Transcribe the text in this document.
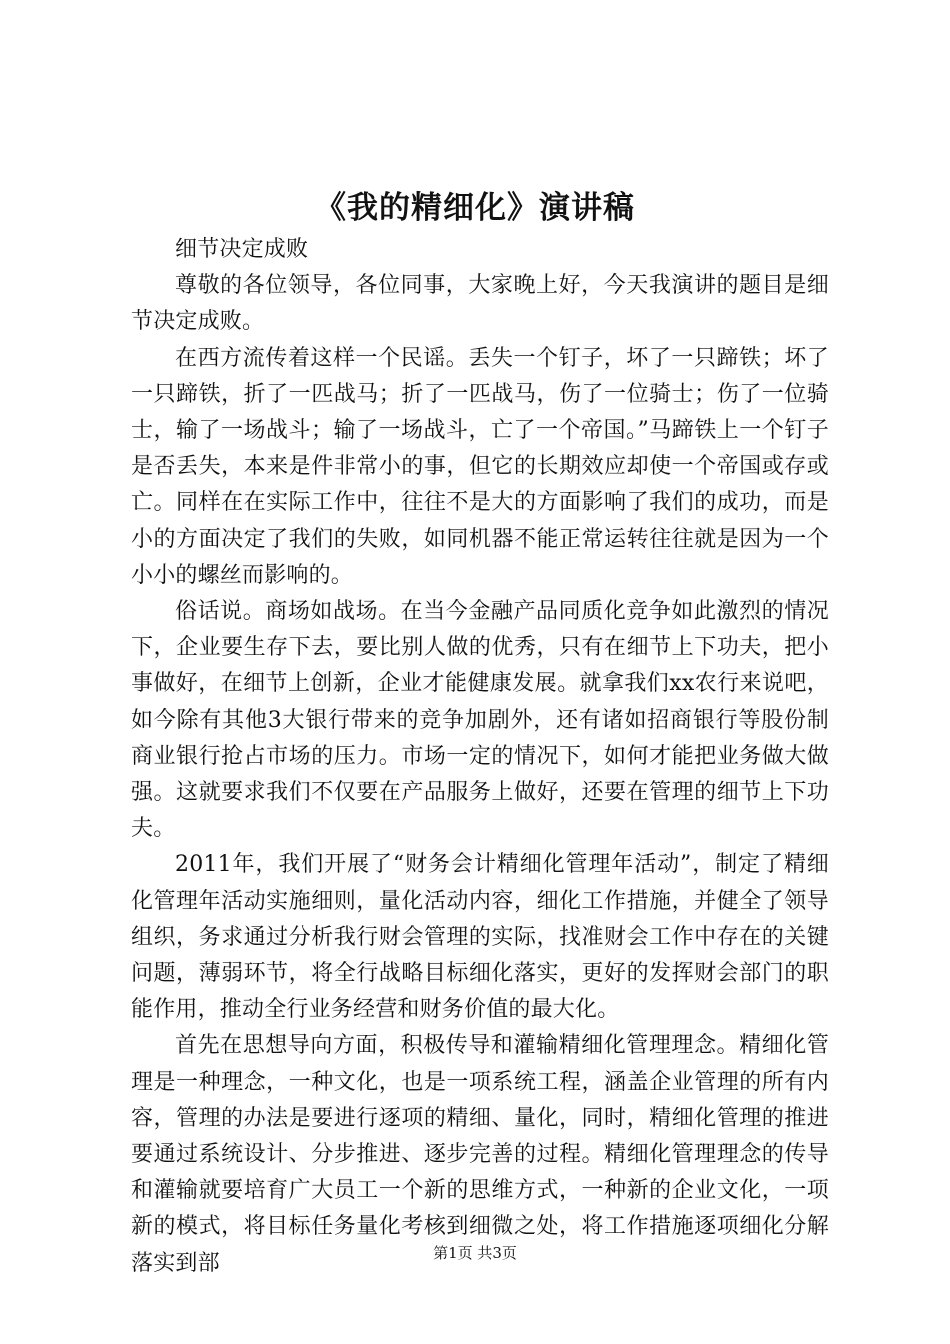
《我的精细化》演讲稿

细节决定成败

尊敬的各位领导，各位同事，大家晚上好，今天我演讲的题目是细节决定成败。

在西方流传着这样一个民谣。丢失一个钉子，坏了一只蹄铁；坏了一只蹄铁，折了一匹战马；折了一匹战马，伤了一位骑士；伤了一位骑士，输了一场战斗；输了一场战斗，亡了一个帝国。”马蹄铁上一个钉子是否丢失，本来是件非常小的事，但它的长期效应却使一个帝国或存或亡。同样在在实际工作中，往往不是大的方面影响了我们的成功，而是小的方面决定了我们的失败，如同机器不能正常运转往往就是因为一个小小的螺丝而影响的。

俗话说。商场如战场。在当今金融产品同质化竞争如此激烈的情况下，企业要生存下去，要比别人做的优秀，只有在细节上下功夫，把小事做好，在细节上创新，企业才能健康发展。就拿我们xx农行来说吧，如今除有其他3大银行带来的竞争加剧外，还有诸如招商银行等股份制商业银行抢占市场的压力。市场一定的情况下，如何才能把业务做大做强。这就要求我们不仅要在产品服务上做好，还要在管理的细节上下功夫。

2011年，我们开展了“财务会计精细化管理年活动”，制定了精细化管理年活动实施细则，量化活动内容，细化工作措施，并健全了领导组织，务求通过分析我行财会管理的实际，找准财会工作中存在的关键问题，薄弱环节，将全行战略目标细化落实，更好的发挥财会部门的职能作用，推动全行业务经营和财务价值的最大化。

首先在思想导向方面，积极传导和灌输精细化管理理念。精细化管理是一种理念，一种文化，也是一项系统工程，涵盖企业管理的所有内容，管理的办法是要进行逐项的精细、量化，同时，精细化管理的推进要通过系统设计、分步推进、逐步完善的过程。精细化管理理念的传导和灌输就要培育广大员工一个新的思维方式，一种新的企业文化，一项新的模式，将目标任务量化考核到细微之处，将工作措施逐项细化分解落实到部	第1页 共3页
